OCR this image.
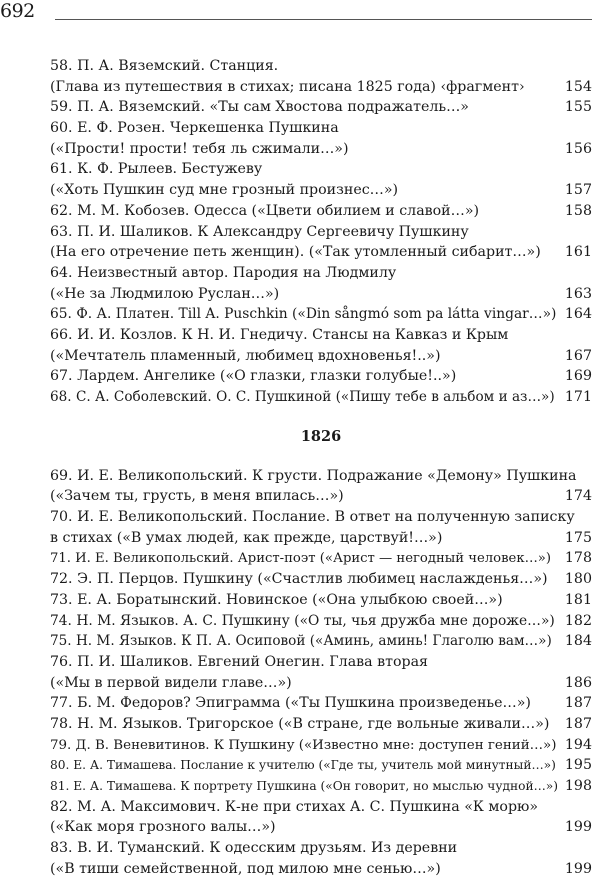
692
58. П. А. Вяземский. Станция.
(Глава из путешествия в стихах; писана 1825 года) ‹фрагмент›	154
59. П. А. Вяземский. «Ты сам Хвостова подражатель…»	155
60. Е. Ф. Розен. Черкешенка Пушкина
(«Прости! прости! тебя ль сжимали…»)	156
61. К. Ф. Рылеев. Бестужеву
(«Хоть Пушкин суд мне грозный произнес…»)	157
62. М. М. Кобозев. Одесса («Цвети обилием и славой…»)	158
63. П. И. Шаликов. К Александру Сергеевичу Пушкину
(На его отречение петь женщин). («Так утомленный сибарит…») 161
64. Неизвестный автор. Пародия на Людмилу
(«Не за Людмилою Руслан…»)	163
65. Ф. А. Платен. Till A. Puschkin («Din sångmó som pa látta vingar…») 164
66. И. И. Козлов. К Н. И. Гнедичу. Стансы на Кавказ и Крым
(«Мечтатель пламенный, любимец вдохновенья!..»)	167
67. Лардем. Ангелике («О глазки, глазки голубые!..»)	169
68. С. А. Соболевский. О. С. Пушкиной («Пишу тебе в альбом и аз…») 171
1826
69. И. Е. Великопольский. К грусти. Подражание «Демону» Пушкина
(«Зачем ты, грусть, в меня впилась…»)	174
70. И. Е. Великопольский. Послание. В ответ на полученную записку
в стихах («В умах людей, как прежде, царствуй!…»)	175
71. И. Е. Великопольский. Арист-поэт («Арист — негодный человек…») 178
72. Э. П. Перцов. Пушкину («Счастлив любимец наслажденья…») 180
73. Е. А. Боратынский. Новинское («Она улыбкою своей…»)	181
74. Н. М. Языков. А. С. Пушкину («О ты, чья дружба мне дороже…») 182
75. Н. М. Языков. К П. А. Осиповой («Аминь, аминь! Глаголю вам…») 184
76. П. И. Шаликов. Евгений Онегин. Глава вторая
(«Мы в первой видели главе…»)	186
77. Б. М. Федоров? Эпиграмма («Ты Пушкина произведенье…») 187
78. Н. М. Языков. Тригорское («В стране, где вольные живали…») 187
79. Д. В. Веневитинов. К Пушкину («Известно мне: доступен гений…») 194
80. Е. А. Тимашева. Послание к учителю («Где ты, учитель мой минутный…») 195
81. Е. А. Тимашева. К портрету Пушкина («Он говорит, но мыслью чудной…») 198
82. М. А. Максимович. К-не при стихах А. С. Пушкина «К морю»
(«Как моря грозного валы…»)	199
83. В. И. Туманский. К одесским друзьям. Из деревни
(«В тиши семейственной, под милою мне сенью…»)	199
